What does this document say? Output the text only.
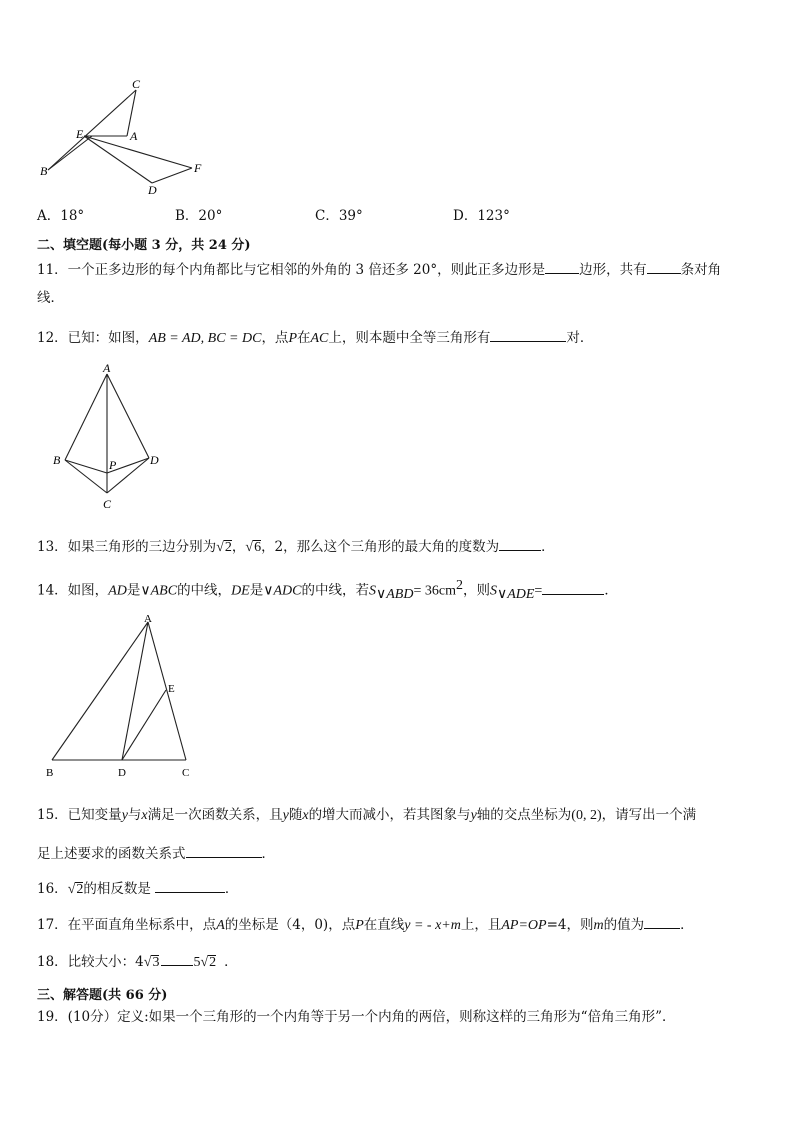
C
E	A
B
D
F
A．18°	B．20°	C．39°	D．123°
二、填空题(每小题 3 分，共 24 分)
11．一个正多边形的每个内角都比与它相邻的外角的 3 倍还多 20°，则此正多边形是	边形，共有	条对角
线．
12．已知：如图，AB = AD, BC = DC，点P在AC上，则本题中全等三角形有	对．
A
B	P	D
C
13．如果三角形的三边分别为√2，√6，2，那么这个三角形的最大角的度数为	．
14．如图，AD是∨ABC的中线，DE是∨ADC的中线，若$S_{\vee ABD}= 36cm^2$，则$S_{\vee ADE}=$	．
A
E
B	D	C
15．已知变量y与x满足一次函数关系，且y随x的增大而减小，若其图象与y轴的交点坐标为(0, 2)，请写出一个满
足上述要求的函数关系式	．
16．√2的相反数是	．
17．在平面直角坐标系中，点A的坐标是（4，0)，点P在直线y = - x+m上，且AP=OP=4，则m的值为	．
18．比较大小：4√3 5√2 ．
三、解答题(共 66 分)
19．(10分）定义:如果一个三角形的一个内角等于另一个内角的两倍，则称这样的三角形为“倍角三角形”．
